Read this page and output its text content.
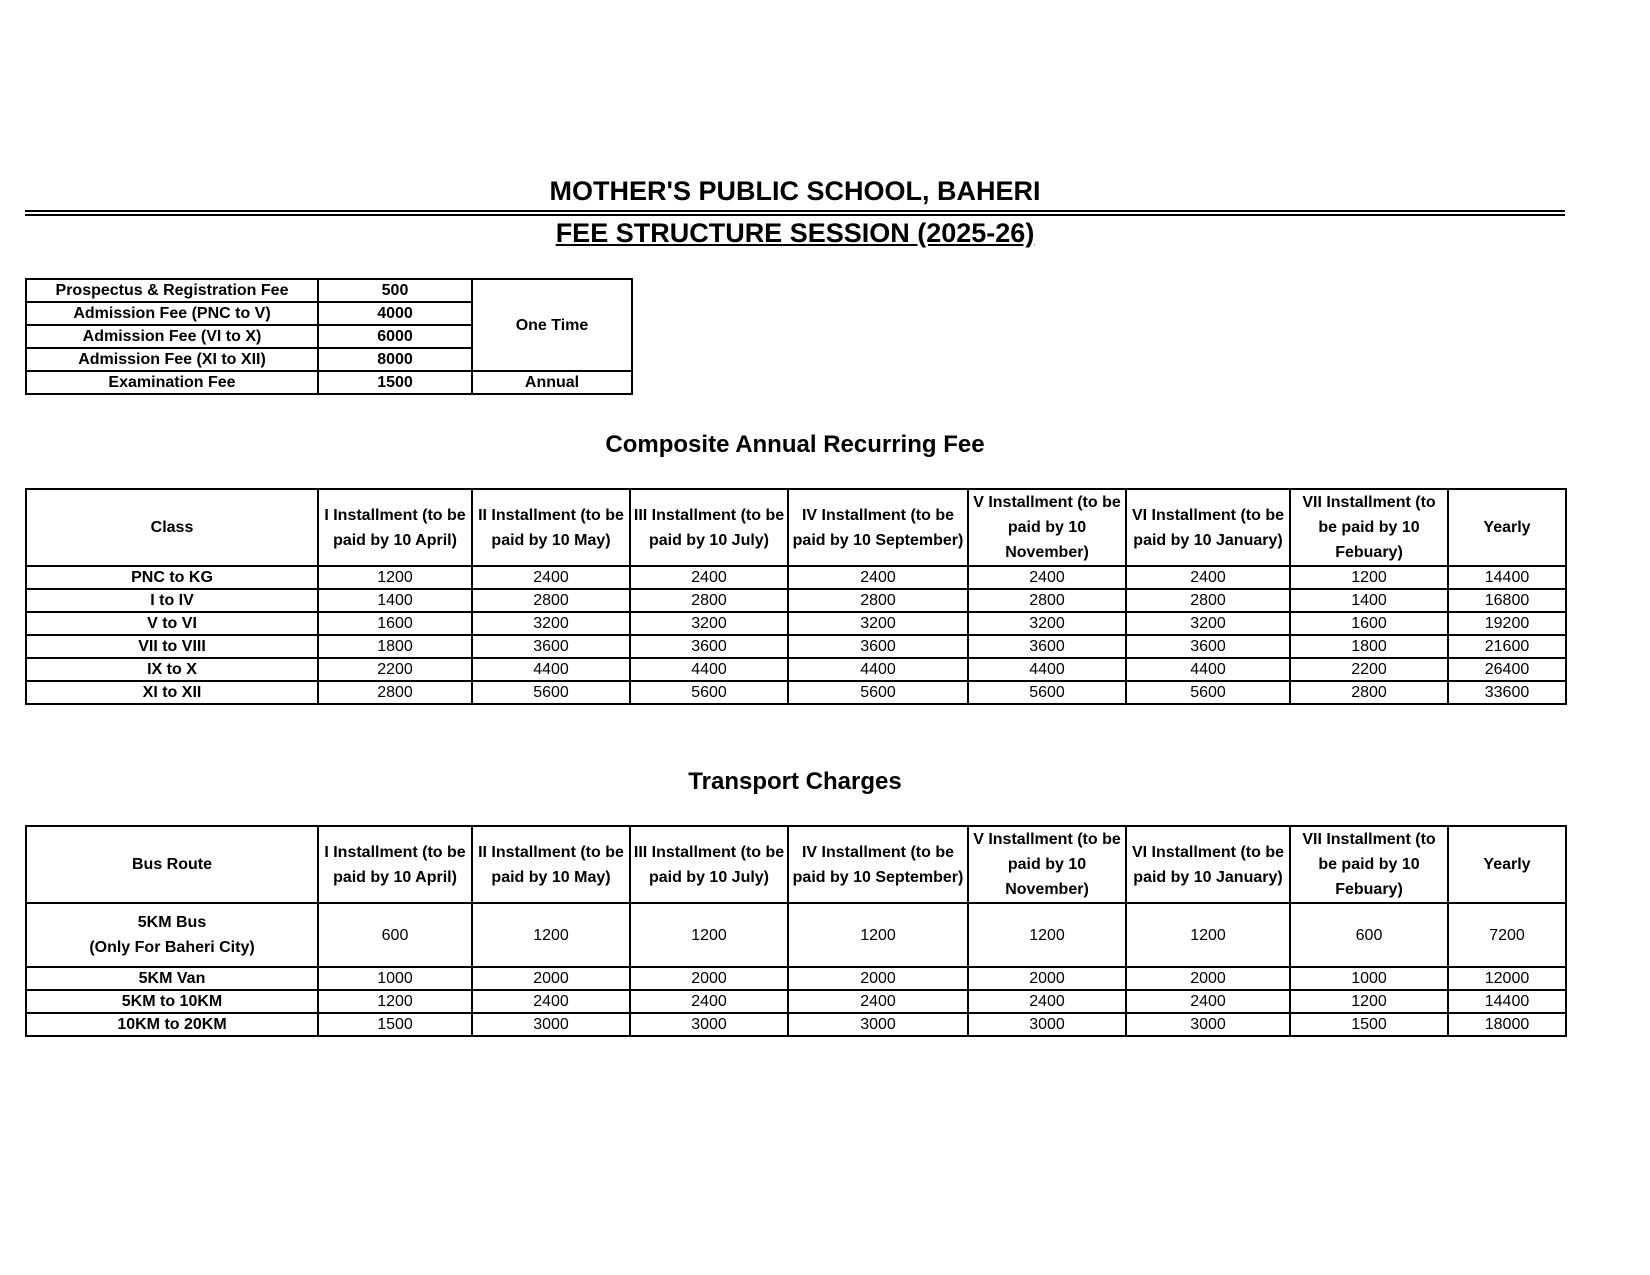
MOTHER'S PUBLIC SCHOOL, BAHERI
FEE STRUCTURE SESSION (2025-26)
Prospectus & Registration Fee	500	One Time
Admission Fee (PNC to V)	4000	
Admission Fee (VI to X)	6000	
Admission Fee (XI to XII)	8000	
Examination Fee	1500	Annual
Composite Annual Recurring Fee
Class	I Installment (to be paid by 10 April)	II Installment (to be paid by 10 May)	III Installment (to be paid by 10 July)	IV Installment (to be paid by 10 September)	V Installment (to be paid by 10 November)	VI Installment (to be paid by 10 January)	VII Installment (to be paid by 10 Febuary)	Yearly
PNC to KG	1200	2400	2400	2400	2400	2400	1200	14400
I to IV	1400	2800	2800	2800	2800	2800	1400	16800
V to VI	1600	3200	3200	3200	3200	3200	1600	19200
VII to VIII	1800	3600	3600	3600	3600	3600	1800	21600
IX to X	2200	4400	4400	4400	4400	4400	2200	26400
XI to XII	2800	5600	5600	5600	5600	5600	2800	33600
Transport Charges
Bus Route	I Installment (to be paid by 10 April)	II Installment (to be paid by 10 May)	III Installment (to be paid by 10 July)	IV Installment (to be paid by 10 September)	V Installment (to be paid by 10 November)	VI Installment (to be paid by 10 January)	VII Installment (to be paid by 10 Febuary)	Yearly
5KM Bus
(Only For Baheri City)	600	1200	1200	1200	1200	1200	600	7200
5KM Van	1000	2000	2000	2000	2000	2000	1000	12000
5KM to 10KM	1200	2400	2400	2400	2400	2400	1200	14400
10KM to 20KM	1500	3000	3000	3000	3000	3000	1500	18000
